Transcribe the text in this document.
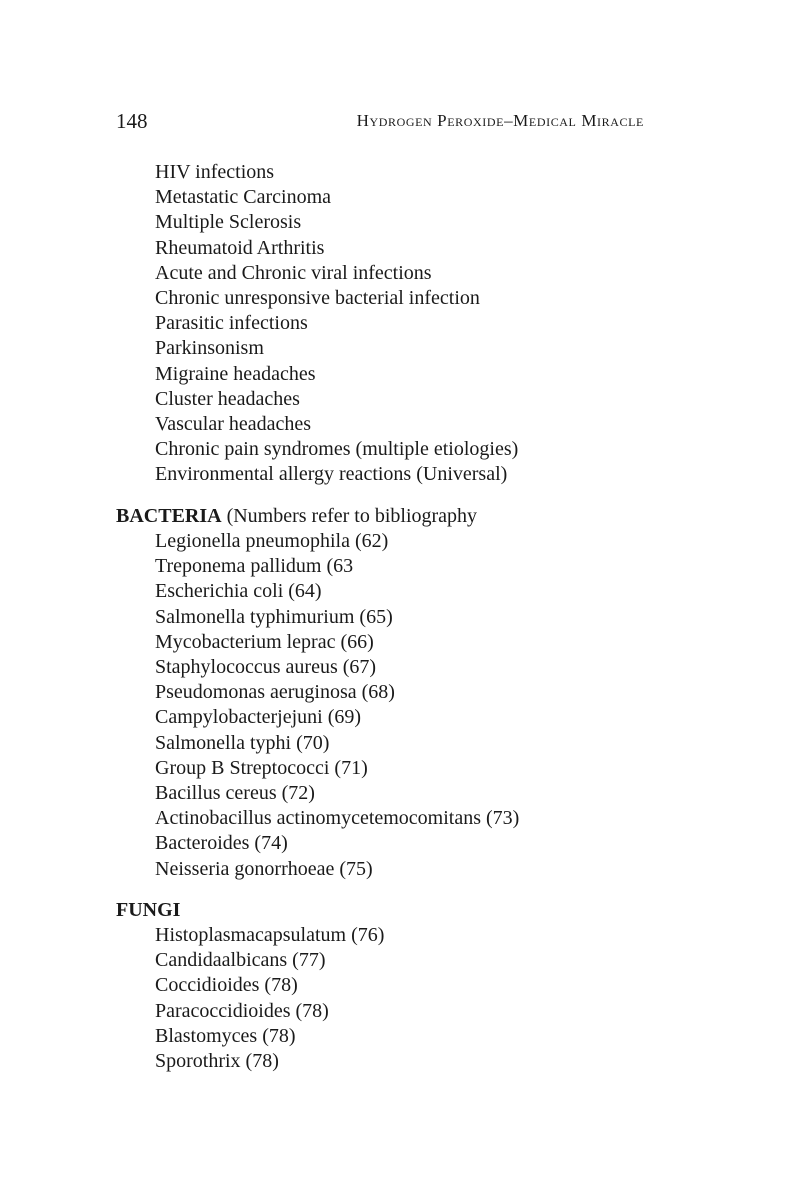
148	Hydrogen Peroxide–Medical Miracle
HIV infections
Metastatic Carcinoma
Multiple Sclerosis
Rheumatoid Arthritis
Acute and Chronic viral infections
Chronic unresponsive bacterial infection
Parasitic infections
Parkinsonism
Migraine headaches
Cluster headaches
Vascular headaches
Chronic pain syndromes (multiple etiologies)
Environmental allergy reactions (Universal)
BACTERIA (Numbers refer to bibliography
Legionella pneumophila (62)
Treponema pallidum (63
Escherichia coli (64)
Salmonella typhimurium (65)
Mycobacterium leprac (66)
Staphylococcus aureus (67)
Pseudomonas aeruginosa (68)
Campylobacterjejuni (69)
Salmonella typhi (70)
Group B Streptococci (71)
Bacillus cereus (72)
Actinobacillus actinomycetemocomitans (73)
Bacteroides (74)
Neisseria gonorrhoeae (75)
FUNGI
Histoplasmacapsulatum (76)
Candidaalbicans (77)
Coccidioides (78)
Paracoccidioides (78)
Blastomyces (78)
Sporothrix (78)
